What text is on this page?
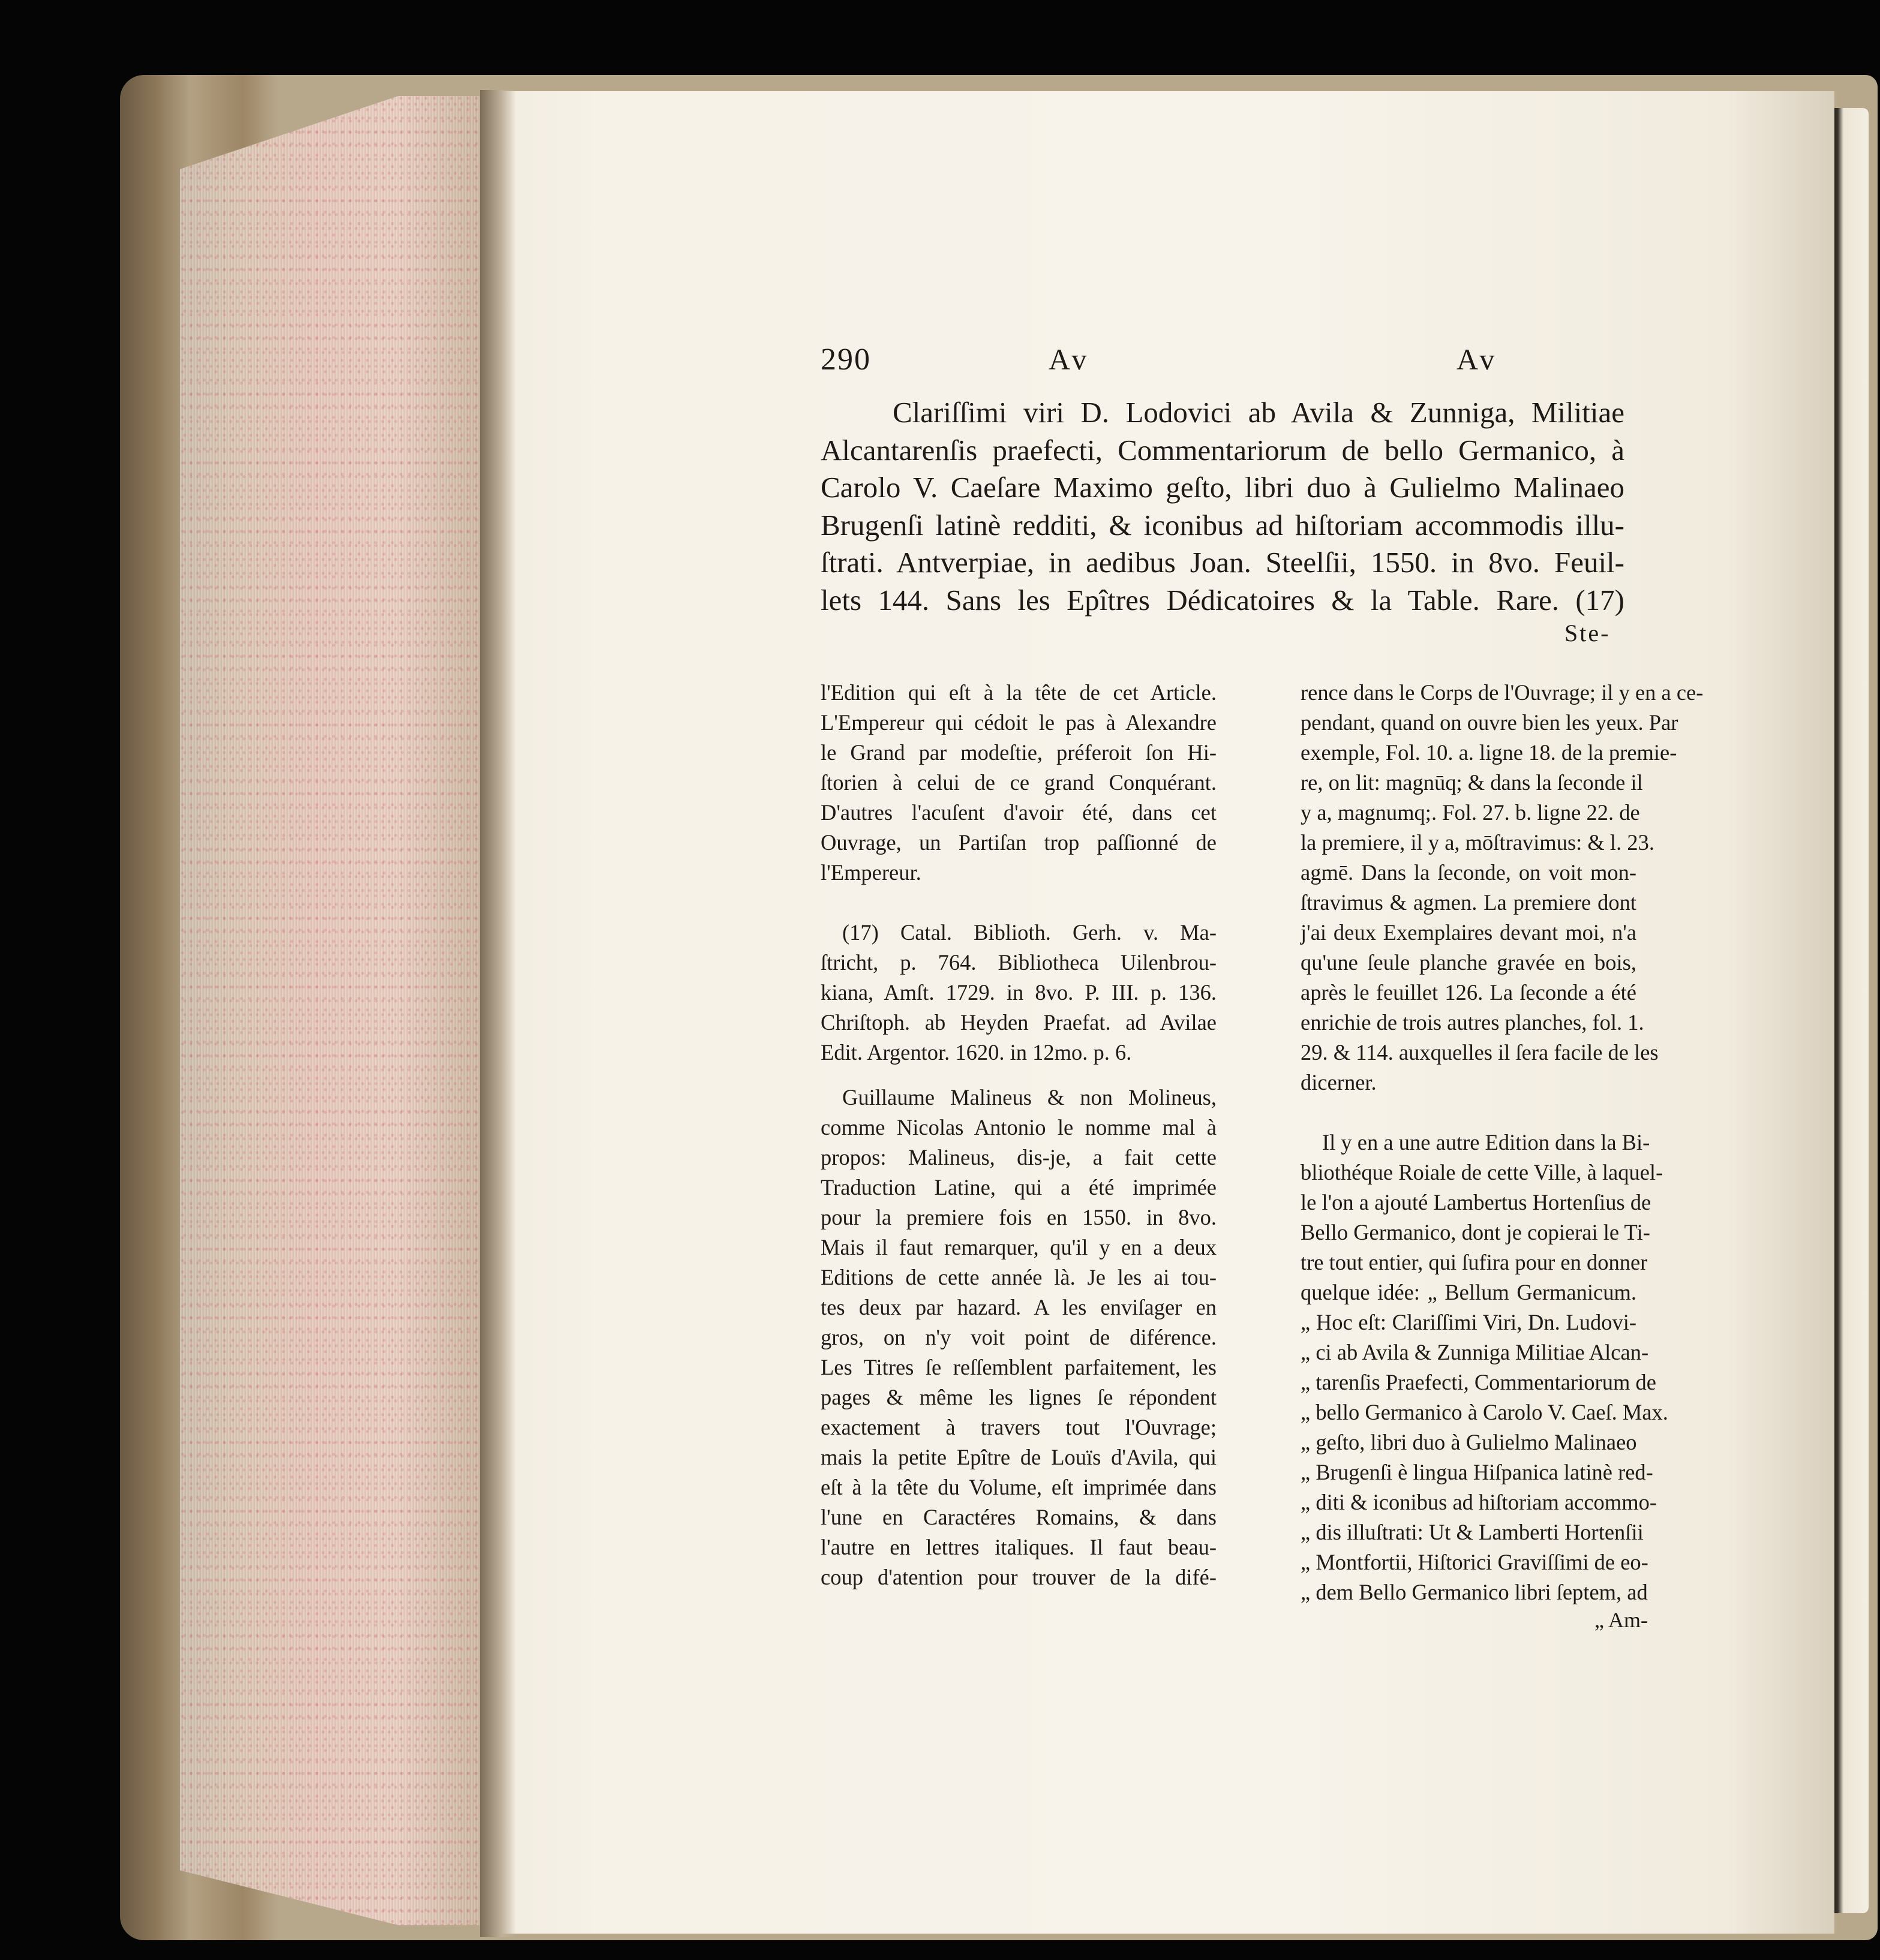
290	Av	Av
Clariſſimi viri D. Lodovici ab Avila & Zunniga, Militiae
Alcantarenſis praefecti, Commentariorum de bello Germanico, à
Carolo V. Caeſare Maximo geſto, libri duo à Gulielmo Malinaeo
Brugenſi latinè redditi, & iconibus ad hiſtoriam accommodis illu-
ſtrati. Antverpiae, in aedibus Joan. Steelſii, 1550. in 8vo. Feuil-
lets 144. Sans les Epîtres Dédicatoires & la Table. Rare. (17)
Ste-
l'Edition qui eſt à la tête de cet Article.
L'Empereur qui cédoit le pas à Alexandre
le Grand par modeſtie, préferoit ſon Hi-
ſtorien à celui de ce grand Conquérant.
D'autres l'acuſent d'avoir été, dans cet
Ouvrage, un Partiſan trop paſſionné de
l'Empereur.
(17) Catal. Biblioth. Gerh. v. Ma-
ſtricht, p. 764. Bibliotheca Uilenbrou-
kiana, Amſt. 1729. in 8vo. P. III. p. 136.
Chriſtoph. ab Heyden Praefat. ad Avilae
Edit. Argentor. 1620. in 12mo. p. 6.
Guillaume Malineus & non Molineus,
comme Nicolas Antonio le nomme mal à
propos: Malineus, dis-je, a fait cette
Traduction Latine, qui a été imprimée
pour la premiere fois en 1550. in 8vo.
Mais il faut remarquer, qu'il y en a deux
Editions de cette année là. Je les ai tou-
tes deux par hazard. A les enviſager en
gros, on n'y voit point de diférence.
Les Titres ſe reſſemblent parfaitement, les
pages & même les lignes ſe répondent
exactement à travers tout l'Ouvrage;
mais la petite Epître de Louïs d'Avila, qui
eſt à la tête du Volume, eſt imprimée dans
l'une en Caractéres Romains, & dans
l'autre en lettres italiques. Il faut beau-
coup d'atention pour trouver de la difé-
rence dans le Corps de l'Ouvrage; il y en a ce-
pendant, quand on ouvre bien les yeux. Par
exemple, Fol. 10. a. ligne 18. de la premie-
re, on lit: magnūq; & dans la ſeconde il
y a, magnumq;. Fol. 27. b. ligne 22. de
la premiere, il y a, mōſtravimus: & l. 23.
agmē. Dans la ſeconde, on voit mon-
ſtravimus & agmen. La premiere dont
j'ai deux Exemplaires devant moi, n'a
qu'une ſeule planche gravée en bois,
après le feuillet 126. La ſeconde a été
enrichie de trois autres planches, fol. 1.
29. & 114. auxquelles il ſera facile de les
dicerner.
Il y en a une autre Edition dans la Bi-
bliothéque Roiale de cette Ville, à laquel-
le l'on a ajouté Lambertus Hortenſius de
Bello Germanico, dont je copierai le Ti-
tre tout entier, qui ſufira pour en donner
quelque idée: „ Bellum Germanicum.
„ Hoc eſt: Clariſſimi Viri, Dn. Ludovi-
„ ci ab Avila & Zunniga Militiae Alcan-
„ tarenſis Praefecti, Commentariorum de
„ bello Germanico à Carolo V. Caeſ. Max.
„ geſto, libri duo à Gulielmo Malinaeo
„ Brugenſi è lingua Hiſpanica latinè red-
„ diti & iconibus ad hiſtoriam accommo-
„ dis illuſtrati: Ut & Lamberti Hortenſii
„ Montfortii, Hiſtorici Graviſſimi de eo-
„ dem Bello Germanico libri ſeptem, ad
„ Am-
